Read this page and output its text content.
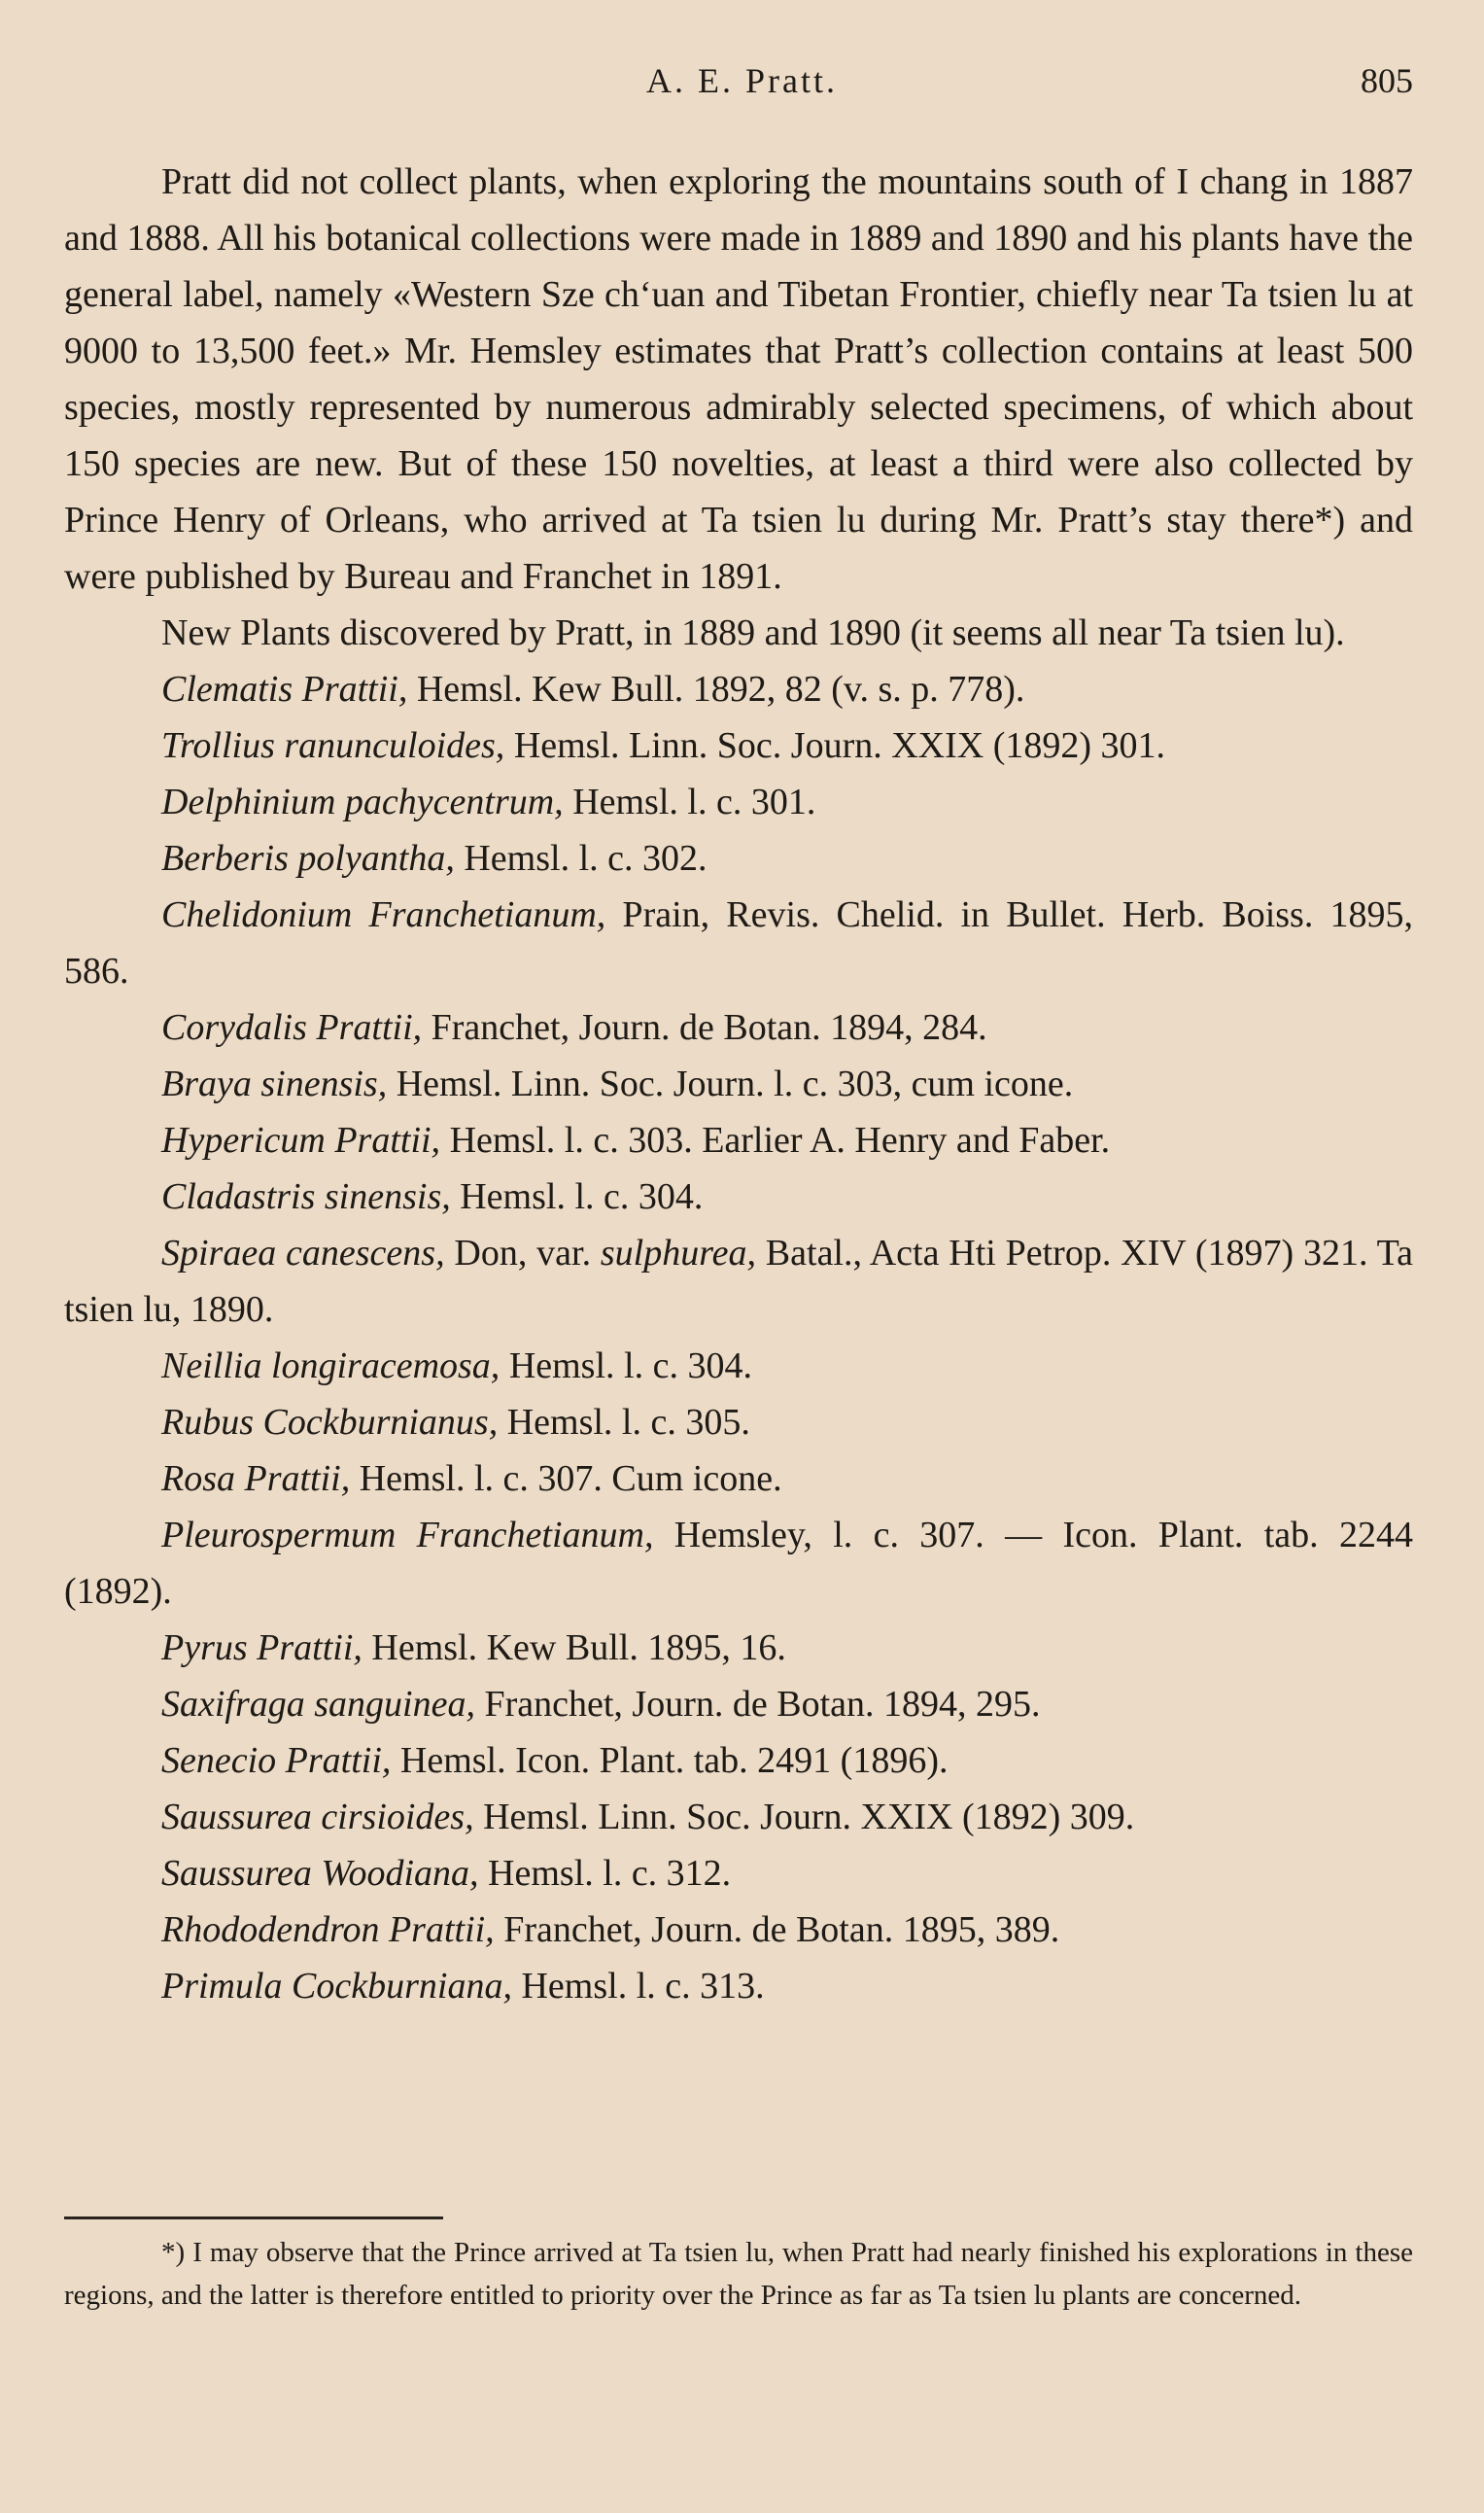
A. E. Pratt.	805

Pratt did not collect plants, when exploring the mountains south of I chang in 1887 and 1888. All his botanical collections were made in 1889 and 1890 and his plants have the general label, namely «Western Sze ch‘uan and Tibetan Frontier, chiefly near Ta tsien lu at 9000 to 13,500 feet.» Mr. Hemsley estimates that Pratt’s collection contains at least 500 species, mostly represented by numerous admirably selected specimens, of which about 150 species are new. But of these 150 novelties, at least a third were also collected by Prince Henry of Orleans, who arrived at Ta tsien lu during Mr. Pratt’s stay there*) and were published by Bureau and Franchet in 1891.

New Plants discovered by Pratt, in 1889 and 1890 (it seems all near Ta tsien lu).

Clematis Prattii, Hemsl. Kew Bull. 1892, 82 (v. s. p. 778).

Trollius ranunculoides, Hemsl. Linn. Soc. Journ. XXIX (1892) 301.

Delphinium pachycentrum, Hemsl. l. c. 301.

Berberis polyantha, Hemsl. l. c. 302.

Chelidonium Franchetianum, Prain, Revis. Chelid. in Bullet. Herb. Boiss. 1895, 586.

Corydalis Prattii, Franchet, Journ. de Botan. 1894, 284.

Braya sinensis, Hemsl. Linn. Soc. Journ. l. c. 303, cum icone.

Hypericum Prattii, Hemsl. l. c. 303. Earlier A. Henry and Faber.

Cladastris sinensis, Hemsl. l. c. 304.

Spiraea canescens, Don, var. sulphurea, Batal., Acta Hti Petrop. XIV (1897) 321. Ta tsien lu, 1890.

Neillia longiracemosa, Hemsl. l. c. 304.

Rubus Cockburnianus, Hemsl. l. c. 305.

Rosa Prattii, Hemsl. l. c. 307. Cum icone.

Pleurospermum Franchetianum, Hemsley, l. c. 307. — Icon. Plant. tab. 2244 (1892).

Pyrus Prattii, Hemsl. Kew Bull. 1895, 16.

Saxifraga sanguinea, Franchet, Journ. de Botan. 1894, 295.

Senecio Prattii, Hemsl. Icon. Plant. tab. 2491 (1896).

Saussurea cirsioides, Hemsl. Linn. Soc. Journ. XXIX (1892) 309.

Saussurea Woodiana, Hemsl. l. c. 312.

Rhododendron Prattii, Franchet, Journ. de Botan. 1895, 389.

Primula Cockburniana, Hemsl. l. c. 313.

*) I may observe that the Prince arrived at Ta tsien lu, when Pratt had nearly finished his explorations in these regions, and the latter is therefore entitled to priority over the Prince as far as Ta tsien lu plants are concerned.
